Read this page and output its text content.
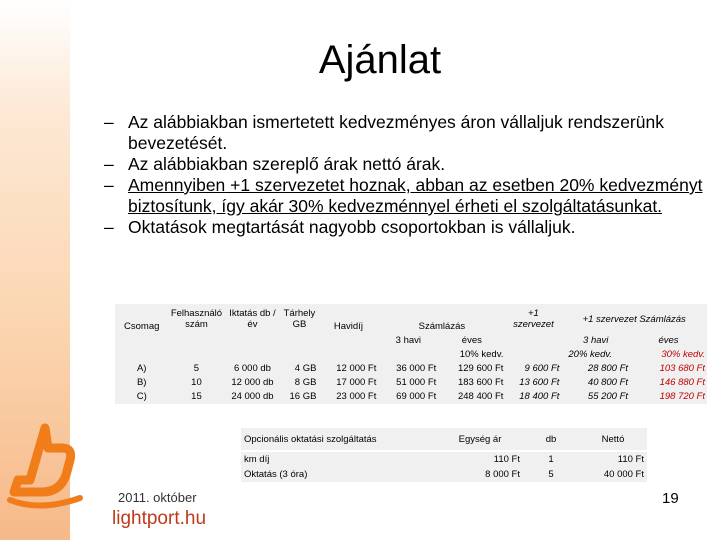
Ajánlat

– Az alábbiakban ismertetett kedvezményes áron vállaljuk rendszerünk bevezetését.

– Az alábbiakban szereplő árak nettó árak.

– Amennyiben +1 szervezetet hoznak, abban az esetben 20% kedvezményt biztosítunk, így akár 30% kedvezménnyel érheti el szolgáltatásunkat.

– Oktatások megtartását nagyobb csoportokban is vállaljuk.

Csomag	Felhasználó szám	Iktatás db / év	Tárhely GB	Havidíj	Számlázás		+1 szervezet	+1 szervezet Számlázás	
					3 havi	éves		3 havi	éves
						10% kedv.	20% kedv.		30% kedv.
A)	5	6 000 db	4 GB	12 000 Ft	36 000 Ft	129 600 Ft	9 600 Ft	28 800 Ft	103 680 Ft
B)	10	12 000 db	8 GB	17 000 Ft	51 000 Ft	183 600 Ft	13 600 Ft	40 800 Ft	146 880 Ft
C)	15	24 000 db	16 GB	23 000 Ft	69 000 Ft	248 400 Ft	18 400 Ft	55 200 Ft	198 720 Ft
Opcionális oktatási szolgáltatás	Egység ár	db	Nettó
km díj	110 Ft	1	110 Ft
Oktatás (3 óra)	8 000 Ft	5	40 000 Ft
2011. október
lightport.hu
19
